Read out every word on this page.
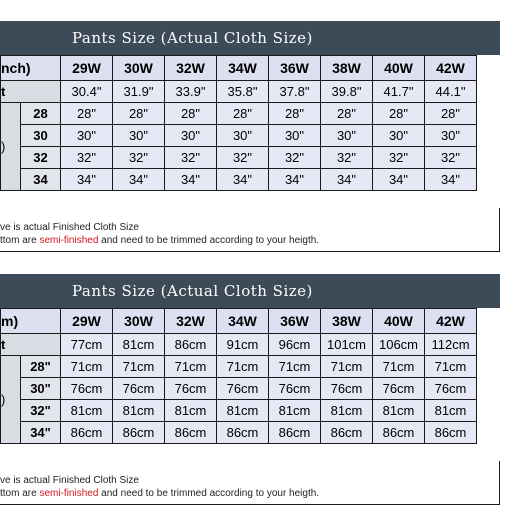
Pants Size (Actual Cloth Size)
nch)		29W	30W	32W	34W	36W	38W	40W	42W
t		30.4"	31.9"	33.9"	35.8"	37.8"	39.8"	41.7"	44.1"
)	28	28"	28"	28"	28"	28"	28"	28"	28"
	30	30"	30"	30"	30"	30"	30"	30"	30"
	32	32"	32"	32"	32"	32"	32"	32"	32"
	34	34"	34"	34"	34"	34"	34"	34"	34"
ve is actual Finished Cloth Size
ttom are semi-finished and need to be trimmed according to your heigth.
Pants Size (Actual Cloth Size)
m)		29W	30W	32W	34W	36W	38W	40W	42W
t		77cm	81cm	86cm	91cm	96cm	101cm	106cm	112cm
)	28"	71cm	71cm	71cm	71cm	71cm	71cm	71cm	71cm
	30"	76cm	76cm	76cm	76cm	76cm	76cm	76cm	76cm
	32"	81cm	81cm	81cm	81cm	81cm	81cm	81cm	81cm
	34"	86cm	86cm	86cm	86cm	86cm	86cm	86cm	86cm
ve is actual Finished Cloth Size
ttom are semi-finished and need to be trimmed according to your heigth.
